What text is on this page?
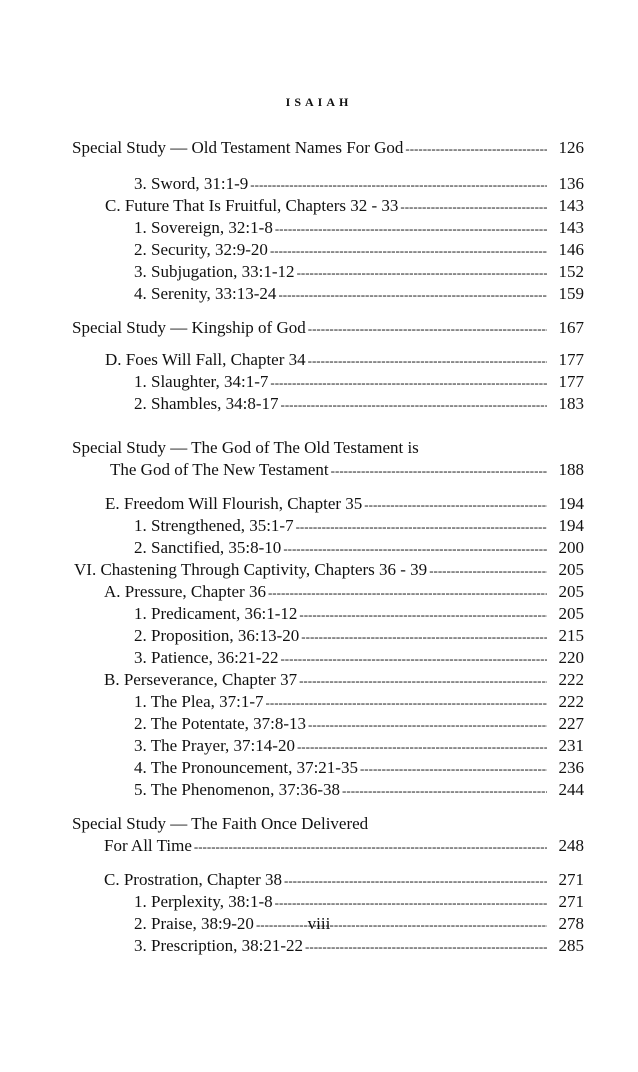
ISAIAH
Special Study — Old Testament Names For God -----	126
3. Sword, 31:1-9 -----	136
C. Future That Is Fruitful, Chapters 32 - 33 -----	143
1. Sovereign, 32:1-8 -----	143
2. Security, 32:9-20 -----	146
3. Subjugation, 33:1-12 -----	152
4. Serenity, 33:13-24 -----	159
Special Study — Kingship of God -----	167
D. Foes Will Fall, Chapter 34 -----	177
1. Slaughter, 34:1-7 -----	177
2. Shambles, 34:8-17 -----	183
Special Study — The God of The Old Testament is
The God of The New Testament -----	188
E. Freedom Will Flourish, Chapter 35 -----	194
1. Strengthened, 35:1-7 -----	194
2. Sanctified, 35:8-10 -----	200
VI. Chastening Through Captivity, Chapters 36 - 39 -----	205
A. Pressure, Chapter 36 -----	205
1. Predicament, 36:1-12 -----	205
2. Proposition, 36:13-20 -----	215
3. Patience, 36:21-22 -----	220
B. Perseverance, Chapter 37 -----	222
1. The Plea, 37:1-7 -----	222
2. The Potentate, 37:8-13 -----	227
3. The Prayer, 37:14-20 -----	231
4. The Pronouncement, 37:21-35 -----	236
5. The Phenomenon, 37:36-38 -----	244
Special Study — The Faith Once Delivered
For All Time -----	248
C. Prostration, Chapter 38 -----	271
1. Perplexity, 38:1-8 -----	271
2. Praise, 38:9-20 -----	278
3. Prescription, 38:21-22 -----	285
viii
